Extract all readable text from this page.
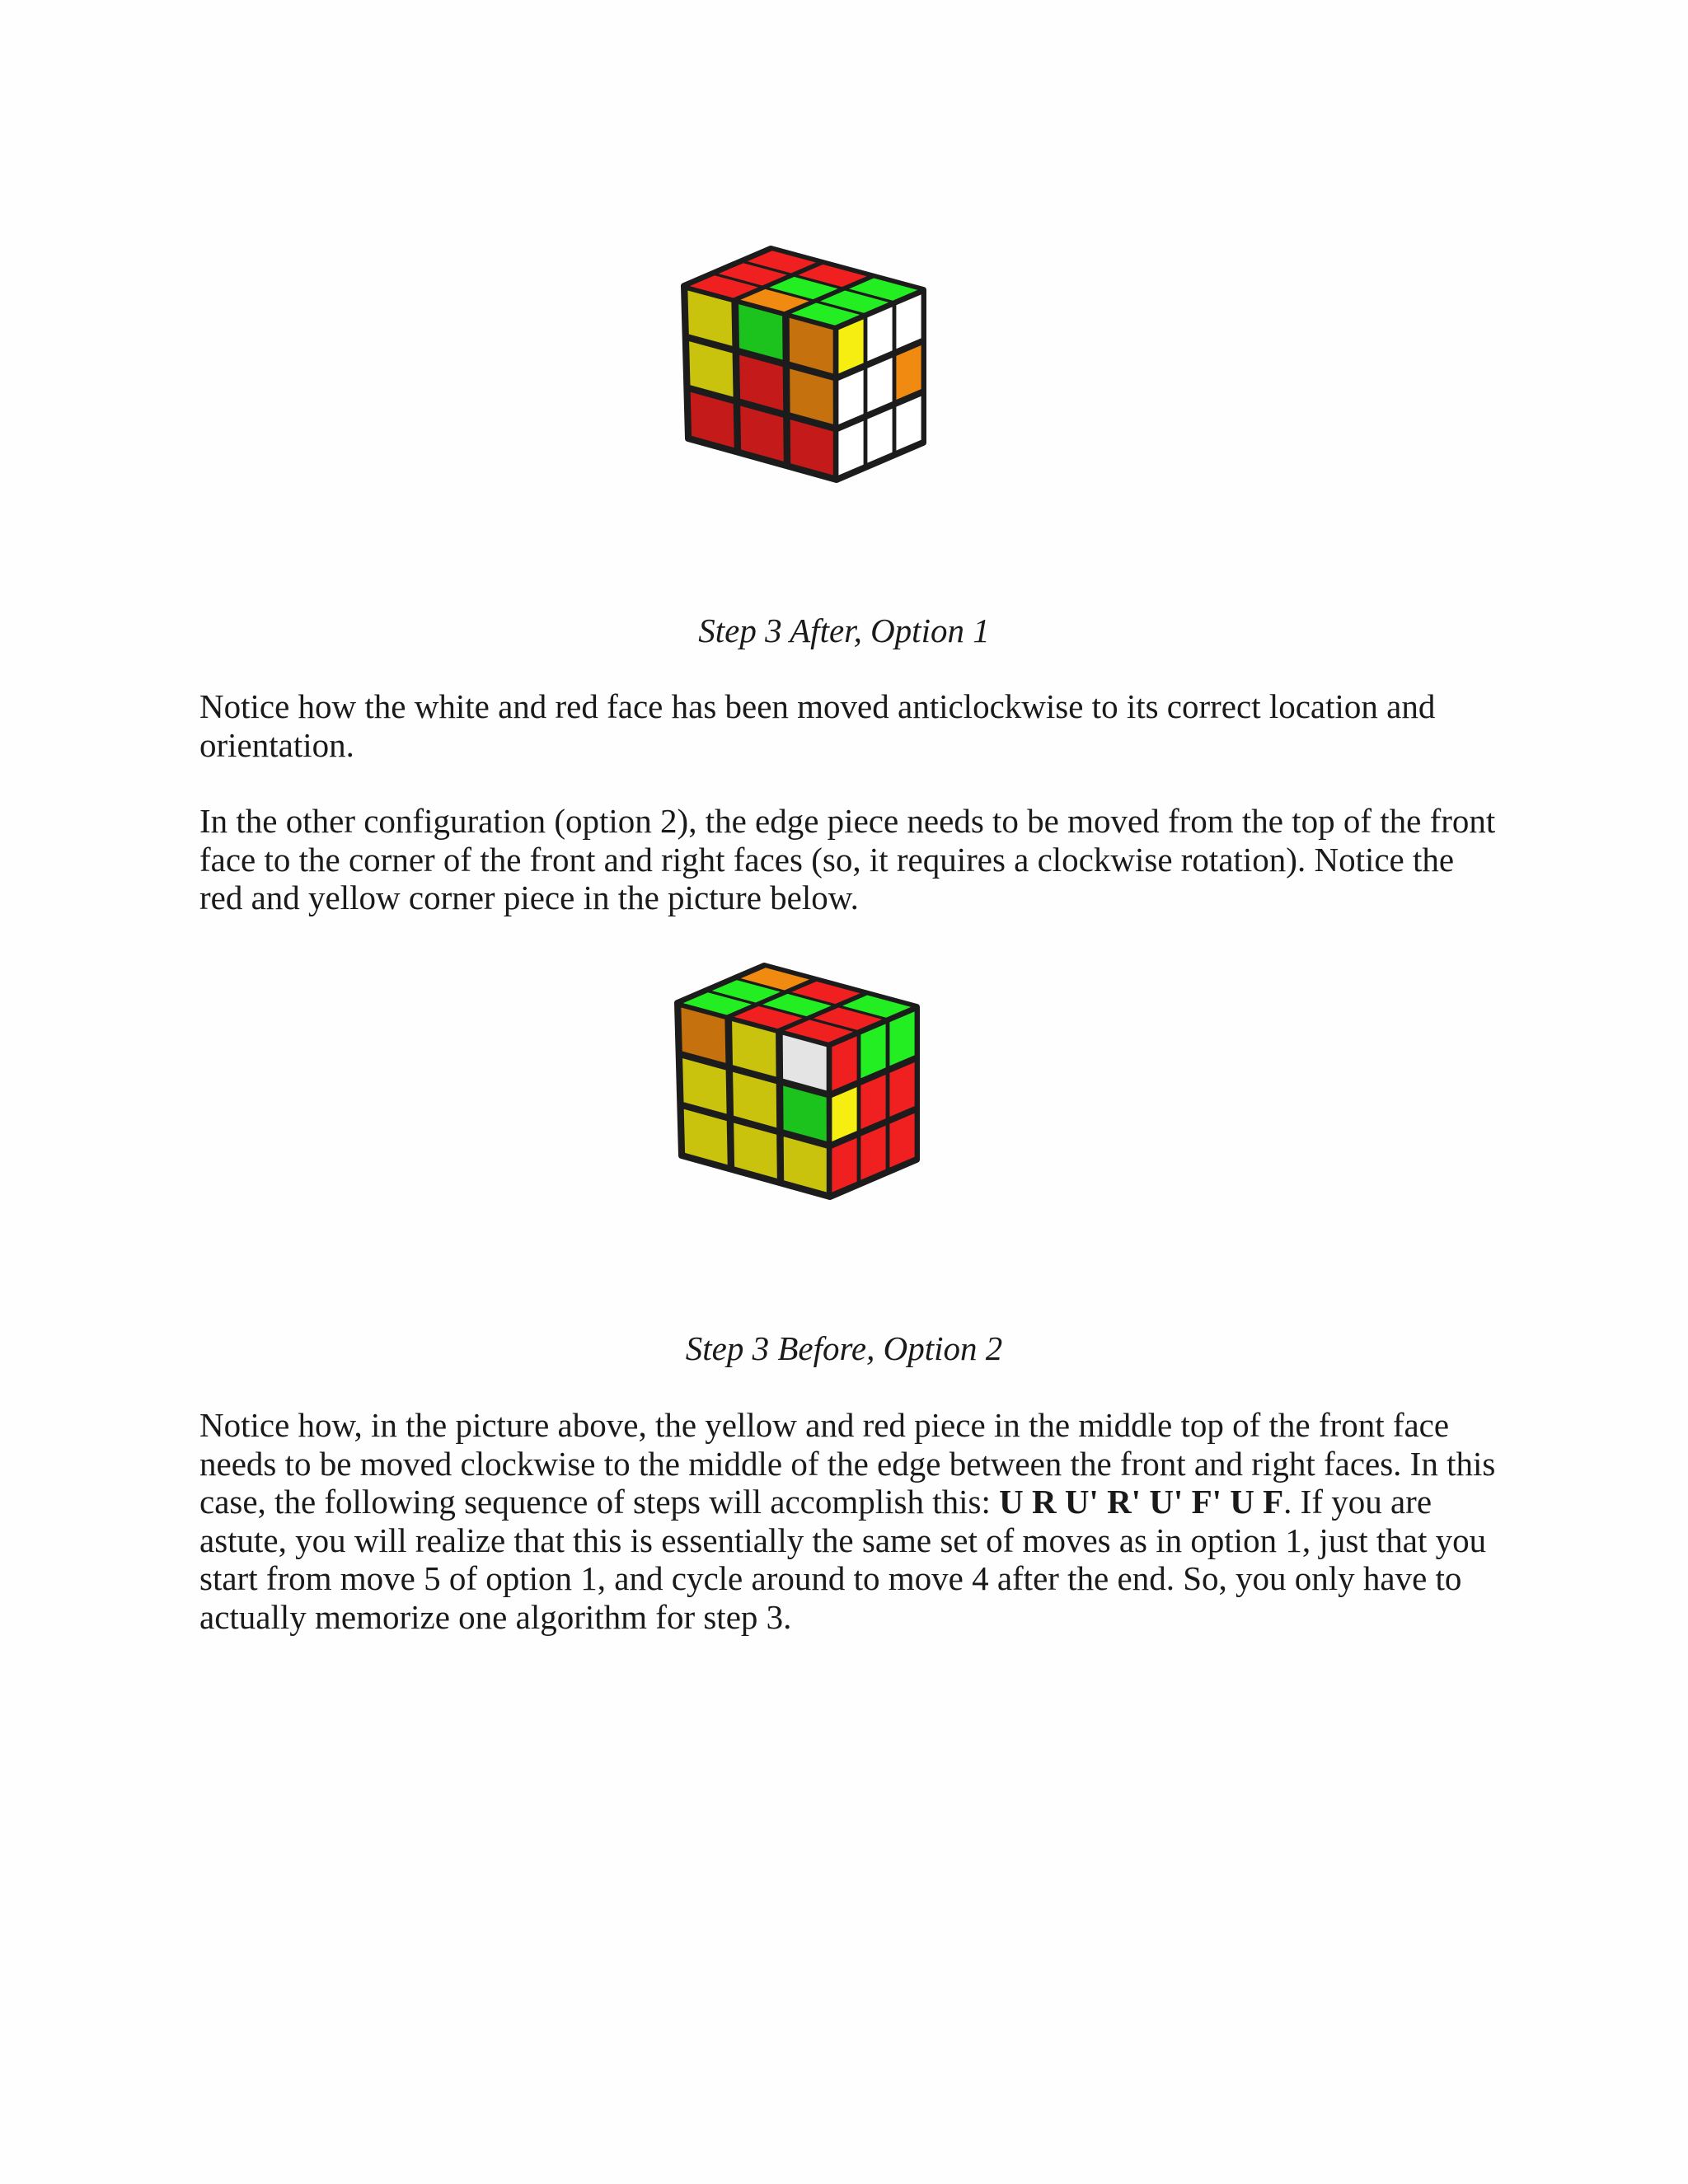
Step 3 After, Option 1

Notice how the white and red face has been moved anticlockwise to its correct location and orientation.

In the other configuration (option 2), the edge piece needs to be moved from the top of the front face to the corner of the front and right faces (so, it requires a clockwise rotation). Notice the red and yellow corner piece in the picture below.

Step 3 Before, Option 2

Notice how, in the picture above, the yellow and red piece in the middle top of the front face needs to be moved clockwise to the middle of the edge between the front and right faces. In this case, the following sequence of steps will accomplish this: U R U' R' U' F' U F. If you are astute, you will realize that this is essentially the same set of moves as in option 1, just that you start from move 5 of option 1, and cycle around to move 4 after the end. So, you only have to actually memorize one algorithm for step 3.
